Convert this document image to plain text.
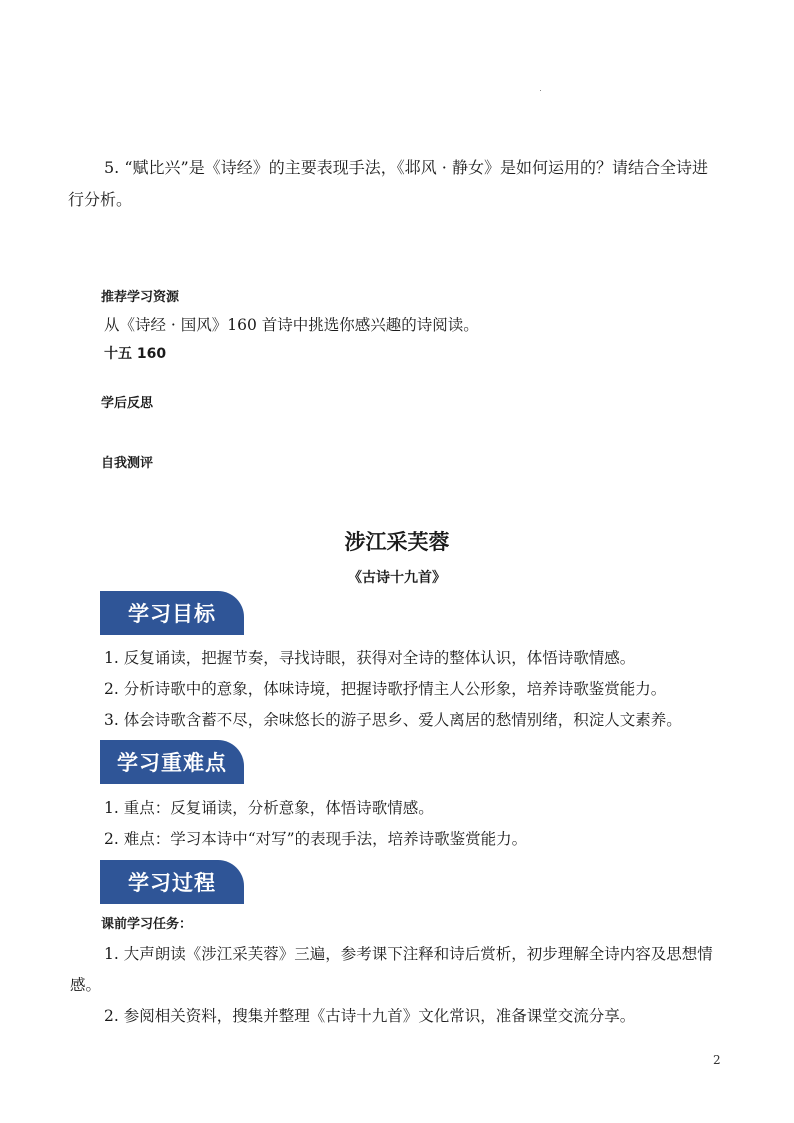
5. “赋比兴”是《诗经》的主要表现手法，《邶风 · 静女》是如何运用的？请结合全诗进
行分析。
推荐学习资源
从《诗经 · 国风》160 首诗中挑选你感兴趣的诗阅读。
十五 160
学后反思
自我测评
涉江采芙蓉
《古诗十九首》
学习目标
1. 反复诵读，把握节奏，寻找诗眼，获得对全诗的整体认识，体悟诗歌情感。
2. 分析诗歌中的意象，体味诗境，把握诗歌抒情主人公形象，培养诗歌鉴赏能力。
3. 体会诗歌含蓄不尽，余味悠长的游子思乡、爱人离居的愁情别绪，积淀人文素养。
学习重难点
1. 重点：反复诵读，分析意象，体悟诗歌情感。
2. 难点：学习本诗中“对写”的表现手法，培养诗歌鉴赏能力。
学习过程
课前学习任务：
1. 大声朗读《涉江采芙蓉》三遍，参考课下注释和诗后赏析，初步理解全诗内容及思想情
感。
2. 参阅相关资料，搜集并整理《古诗十九首》文化常识，准备课堂交流分享。
2
